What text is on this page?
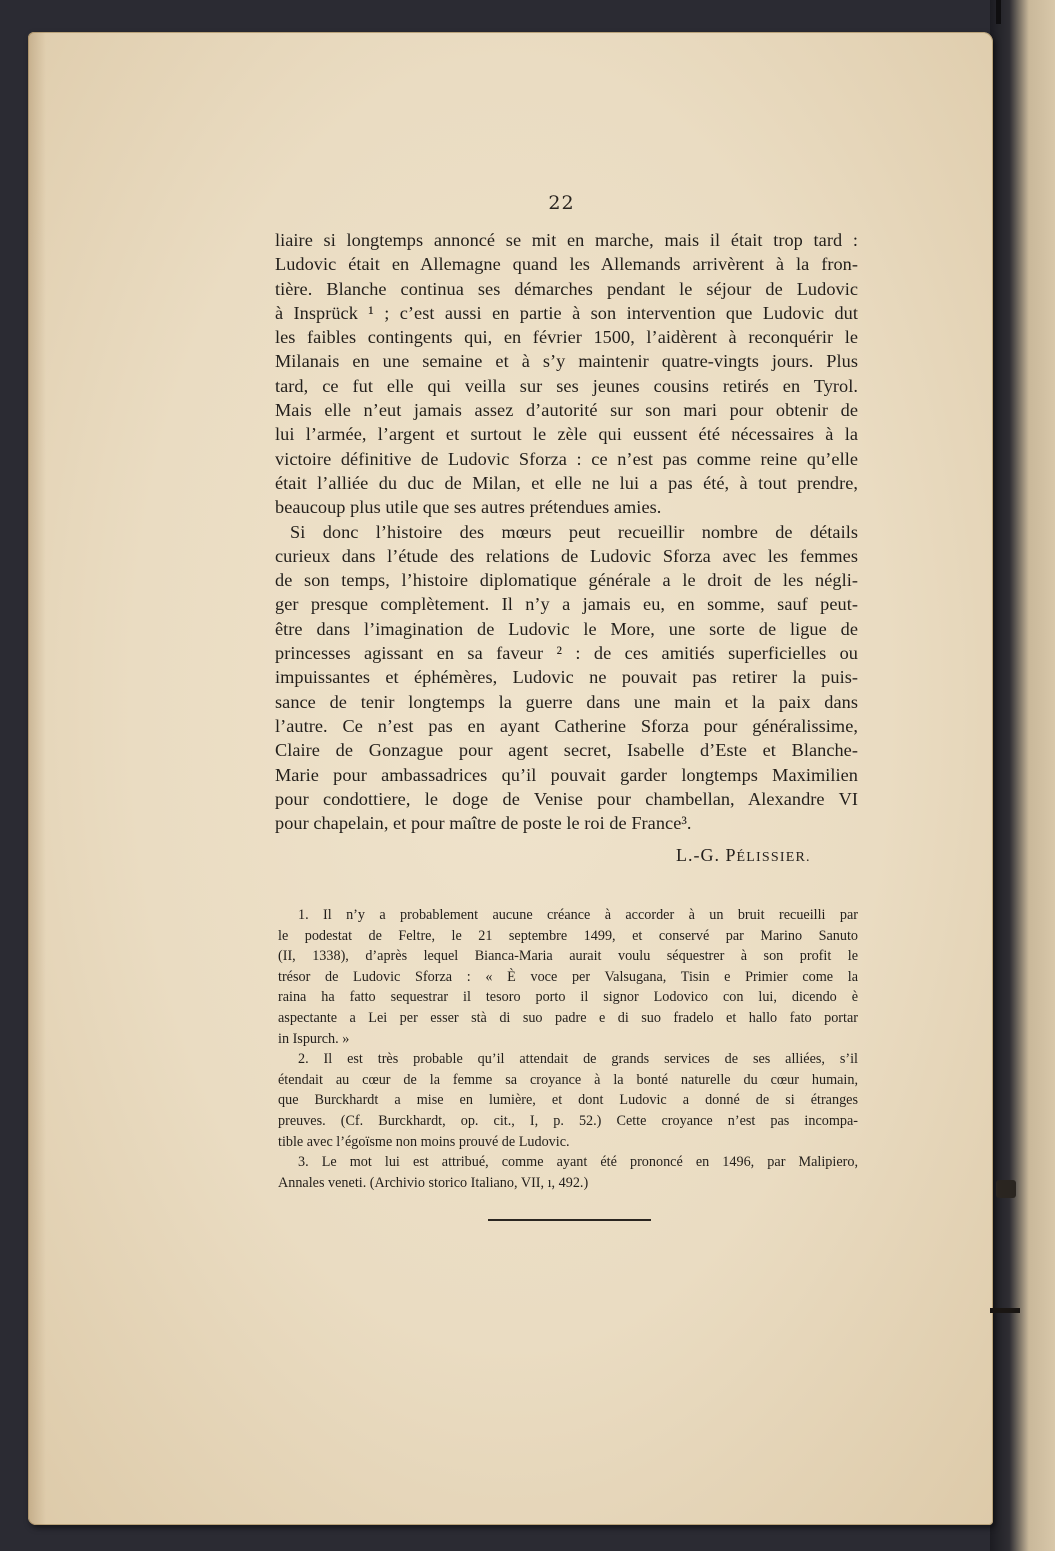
22
liaire si longtemps annoncé se mit en marche, mais il était trop tard :
Ludovic était en Allemagne quand les Allemands arrivèrent à la fron-
tière. Blanche continua ses démarches pendant le séjour de Ludovic
à Insprück ¹ ; c’est aussi en partie à son intervention que Ludovic dut
les faibles contingents qui, en février 1500, l’aidèrent à reconquérir le
Milanais en une semaine et à s’y maintenir quatre-vingts jours. Plus
tard, ce fut elle qui veilla sur ses jeunes cousins retirés en Tyrol.
Mais elle n’eut jamais assez d’autorité sur son mari pour obtenir de
lui l’armée, l’argent et surtout le zèle qui eussent été nécessaires à la
victoire définitive de Ludovic Sforza : ce n’est pas comme reine qu’elle
était l’alliée du duc de Milan, et elle ne lui a pas été, à tout prendre,
beaucoup plus utile que ses autres prétendues amies.
Si donc l’histoire des mœurs peut recueillir nombre de détails
curieux dans l’étude des relations de Ludovic Sforza avec les femmes
de son temps, l’histoire diplomatique générale a le droit de les négli-
ger presque complètement. Il n’y a jamais eu, en somme, sauf peut-
être dans l’imagination de Ludovic le More, une sorte de ligue de
princesses agissant en sa faveur ² : de ces amitiés superficielles ou
impuissantes et éphémères, Ludovic ne pouvait pas retirer la puis-
sance de tenir longtemps la guerre dans une main et la paix dans
l’autre. Ce n’est pas en ayant Catherine Sforza pour généralissime,
Claire de Gonzague pour agent secret, Isabelle d’Este et Blanche-
Marie pour ambassadrices qu’il pouvait garder longtemps Maximilien
pour condottiere, le doge de Venise pour chambellan, Alexandre VI
pour chapelain, et pour maître de poste le roi de France³.
L.-G. PÉLISSIER.
1. Il n’y a probablement aucune créance à accorder à un bruit recueilli par
le podestat de Feltre, le 21 septembre 1499, et conservé par Marino Sanuto
(II, 1338), d’après lequel Bianca-Maria aurait voulu séquestrer à son profit le
trésor de Ludovic Sforza : « È voce per Valsugana, Tisin e Primier come la
raina ha fatto sequestrar il tesoro porto il signor Lodovico con lui, dicendo è
aspectante a Lei per esser stà di suo padre e di suo fradelo et hallo fato portar
in Ispurch. »
2. Il est très probable qu’il attendait de grands services de ses alliées, s’il
étendait au cœur de la femme sa croyance à la bonté naturelle du cœur humain,
que Burckhardt a mise en lumière, et dont Ludovic a donné de si étranges
preuves. (Cf. Burckhardt, op. cit., I, p. 52.) Cette croyance n’est pas incompa-
tible avec l’égoïsme non moins prouvé de Ludovic.
3. Le mot lui est attribué, comme ayant été prononcé en 1496, par Malipiero,
Annales veneti. (Archivio storico Italiano, VII, ı, 492.)
